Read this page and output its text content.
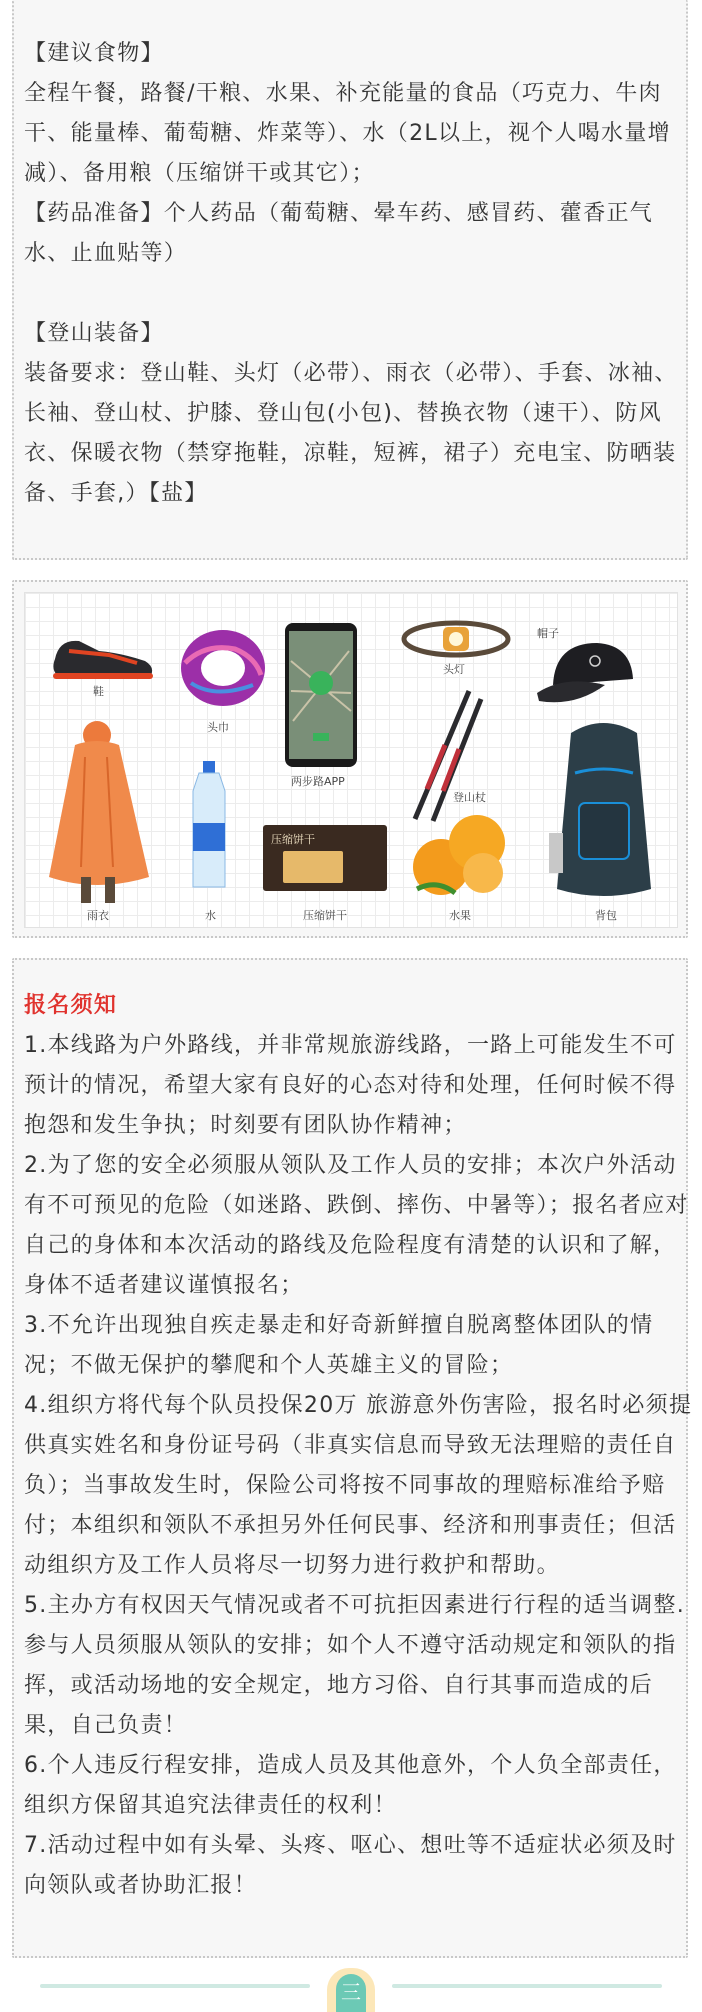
【建议食物】
全程午餐，路餐/干粮、水果、补充能量的食品（巧克力、牛肉
干、能量棒、葡萄糖、炸菜等）、水（2L以上，视个人喝水量增
减）、备用粮（压缩饼干或其它）；
【药品准备】个人药品（葡萄糖、晕车药、感冒药、藿香正气
水、止血贴等）
【登山装备】
装备要求：登山鞋、头灯（必带）、雨衣（必带）、手套、冰袖、
长袖、登山杖、护膝、登山包(小包)、替换衣物（速干）、防风
衣、保暖衣物（禁穿拖鞋，凉鞋，短裤，裙子）充电宝、防晒装
备、手套,）【盐】
鞋
头巾
两步路APP
头灯
帽子
雨衣	水
压缩饼干
压缩饼干
登山杖
水果	背包
报名须知
1.本线路为户外路线，并非常规旅游线路，一路上可能发生不可
预计的情况，希望大家有良好的心态对待和处理，任何时候不得
抱怨和发生争执；时刻要有团队协作精神；
2.为了您的安全必须服从领队及工作人员的安排；本次户外活动
有不可预见的危险（如迷路、跌倒、摔伤、中暑等）；报名者应对
自己的身体和本次活动的路线及危险程度有清楚的认识和了解，
身体不适者建议谨慎报名；
3.不允许出现独自疾走暴走和好奇新鲜擅自脱离整体团队的情
况；不做无保护的攀爬和个人英雄主义的冒险；
4.组织方将代每个队员投保20万 旅游意外伤害险，报名时必须提
供真实姓名和身份证号码（非真实信息而导致无法理赔的责任自
负）；当事故发生时，保险公司将按不同事故的理赔标准给予赔
付；本组织和领队不承担另外任何民事、经济和刑事责任；但活
动组织方及工作人员将尽一切努力进行救护和帮助。
5.主办方有权因天气情况或者不可抗拒因素进行行程的适当调整.
参与人员须服从领队的安排；如个人不遵守活动规定和领队的指
挥，或活动场地的安全规定，地方习俗、自行其事而造成的后
果，自己负责！
6.个人违反行程安排，造成人员及其他意外，个人负全部责任，
组织方保留其追究法律责任的权利！
7.活动过程中如有头晕、头疼、呕心、想吐等不适症状必须及时
向领队或者协助汇报！
三
